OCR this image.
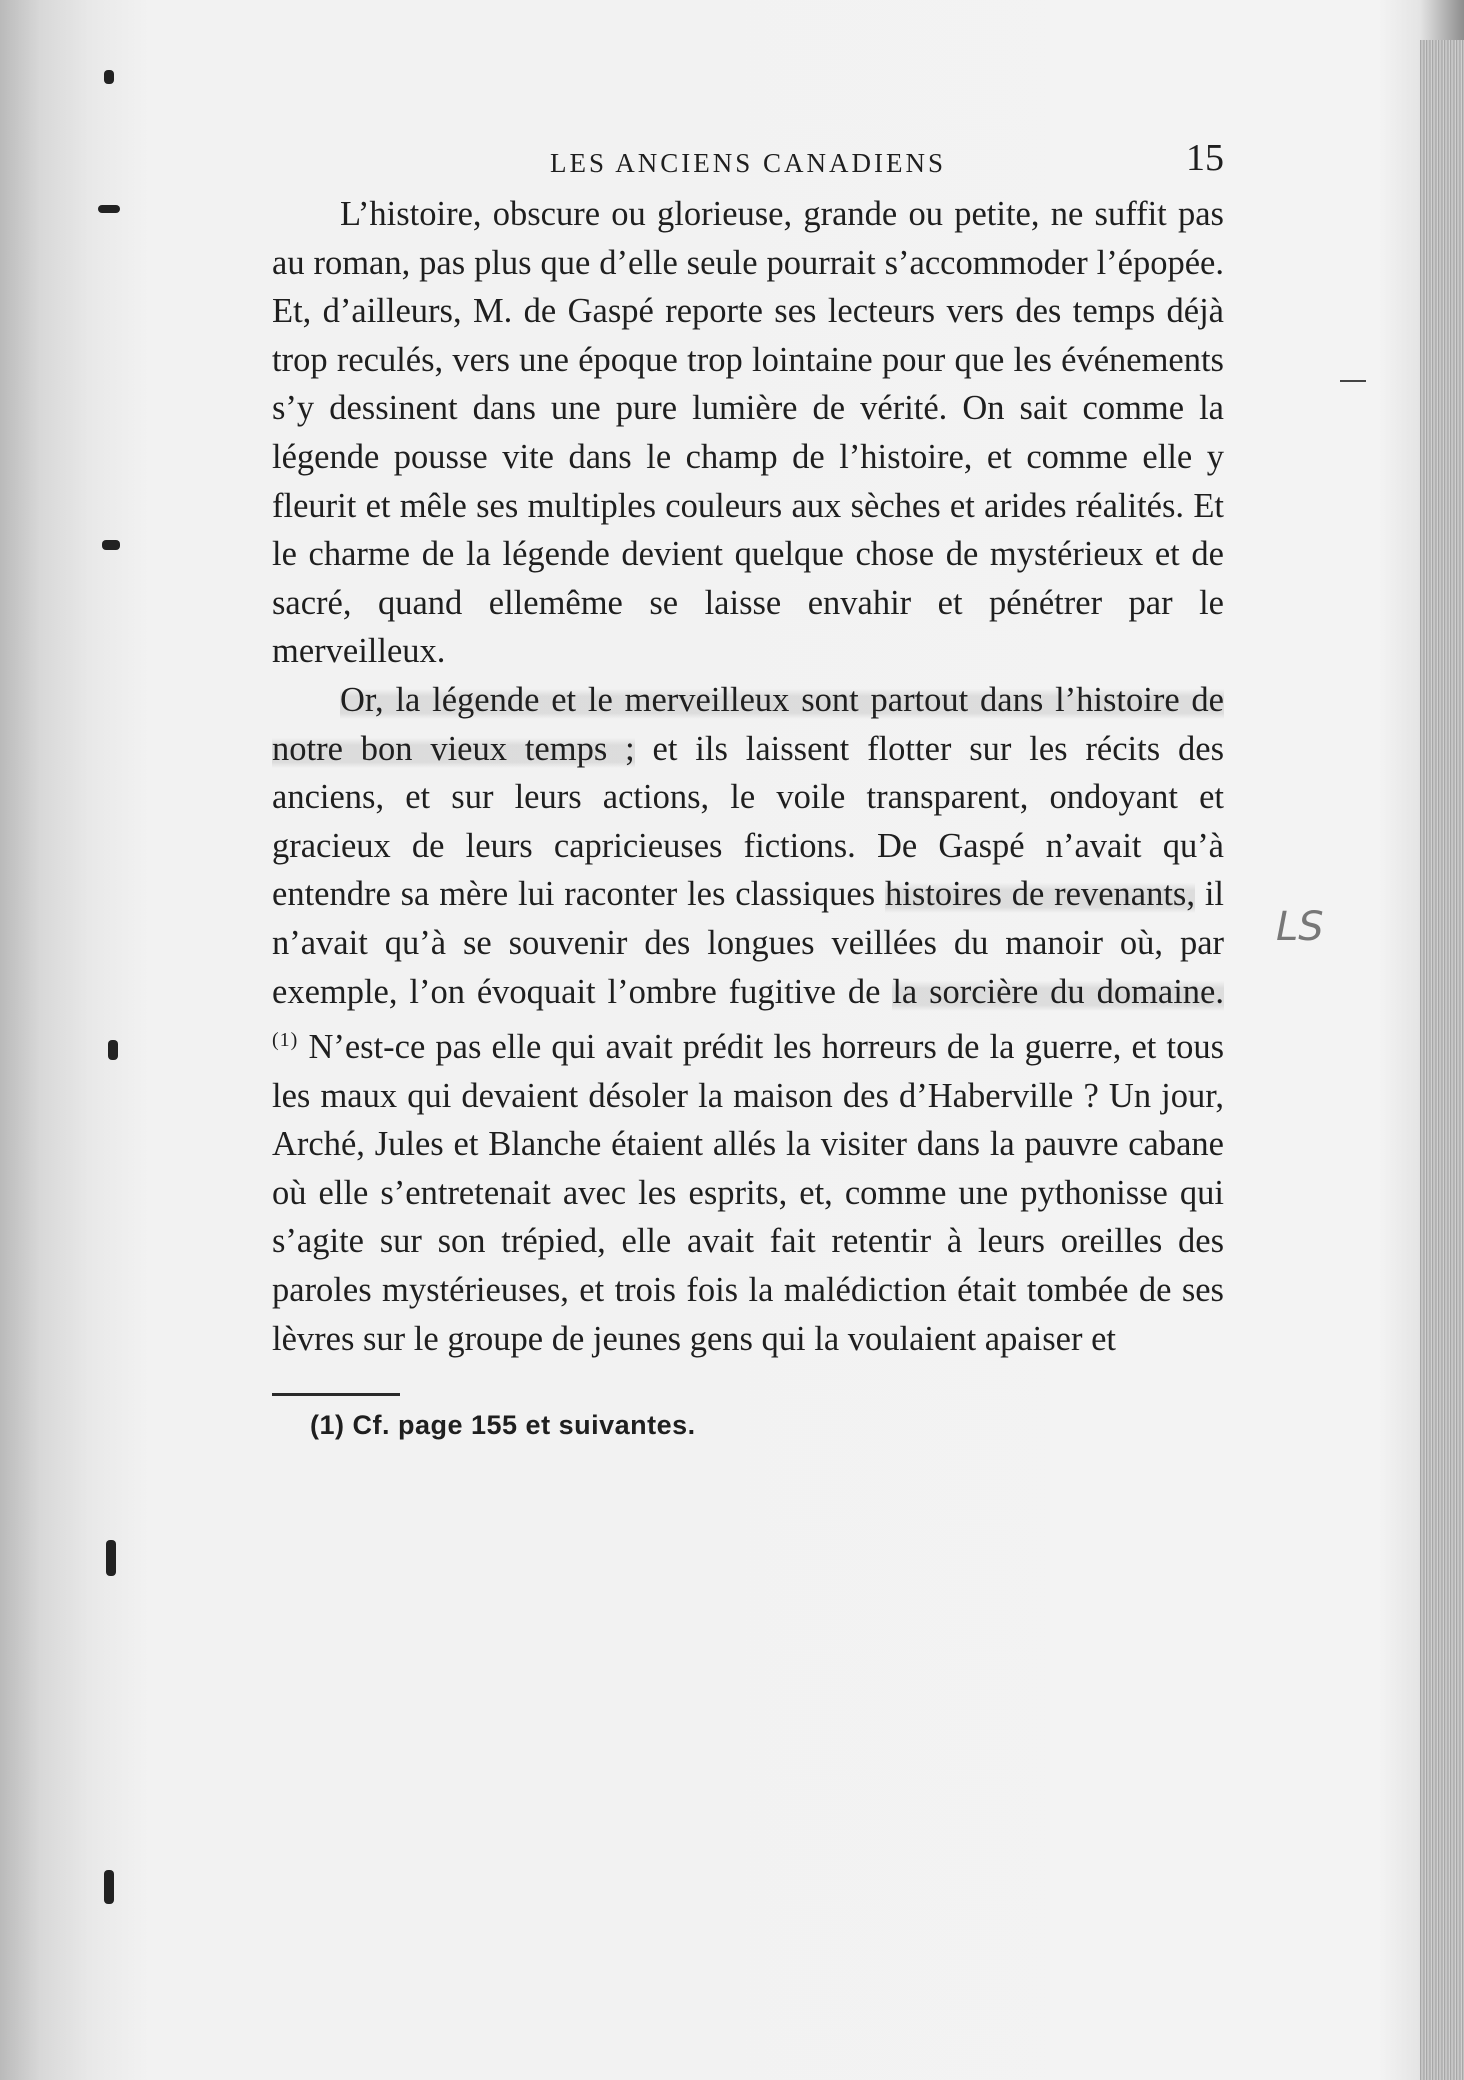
LES ANCIENS CANADIENS	15

L’histoire, obscure ou glorieuse, grande ou petite, ne suffit pas au roman, pas plus que d’elle seule pourrait s’accommoder l’épopée. Et, d’ailleurs, M. de Gaspé reporte ses lecteurs vers des temps déjà trop reculés, vers une époque trop lointaine pour que les événements s’y dessinent dans une pure lumière de vérité. On sait comme la légende pousse vite dans le champ de l’histoire, et comme elle y fleurit et mêle ses multiples couleurs aux sèches et arides réalités. Et le charme de la légende devient quelque chose de mystérieux et de sacré, quand ellemême se laisse envahir et pénétrer par le merveilleux.

Or, la légende et le merveilleux sont partout dans l’histoire de notre bon vieux temps ; et ils laissent flotter sur les récits des anciens, et sur leurs actions, le voile transparent, ondoyant et gracieux de leurs capricieuses fictions. De Gaspé n’avait qu’à entendre sa mère lui raconter les classiques histoires de revenants, il n’avait qu’à se souvenir des longues veillées du manoir où, par exemple, l’on évoquait l’ombre fugitive de la sorcière du domaine. $^{(1)}$ N’est-ce pas elle qui avait prédit les horreurs de la guerre, et tous les maux qui devaient désoler la maison des d’Haberville ? Un jour, Arché, Jules et Blanche étaient allés la visiter dans la pauvre cabane où elle s’entretenait avec les esprits, et, comme une pythonisse qui s’agite sur son trépied, elle avait fait retentir à leurs oreilles des paroles mystérieuses, et trois fois la malédiction était tombée de ses lèvres sur le groupe de jeunes gens qui la voulaient apaiser et

(1) Cf. page 155 et suivantes.
LS
